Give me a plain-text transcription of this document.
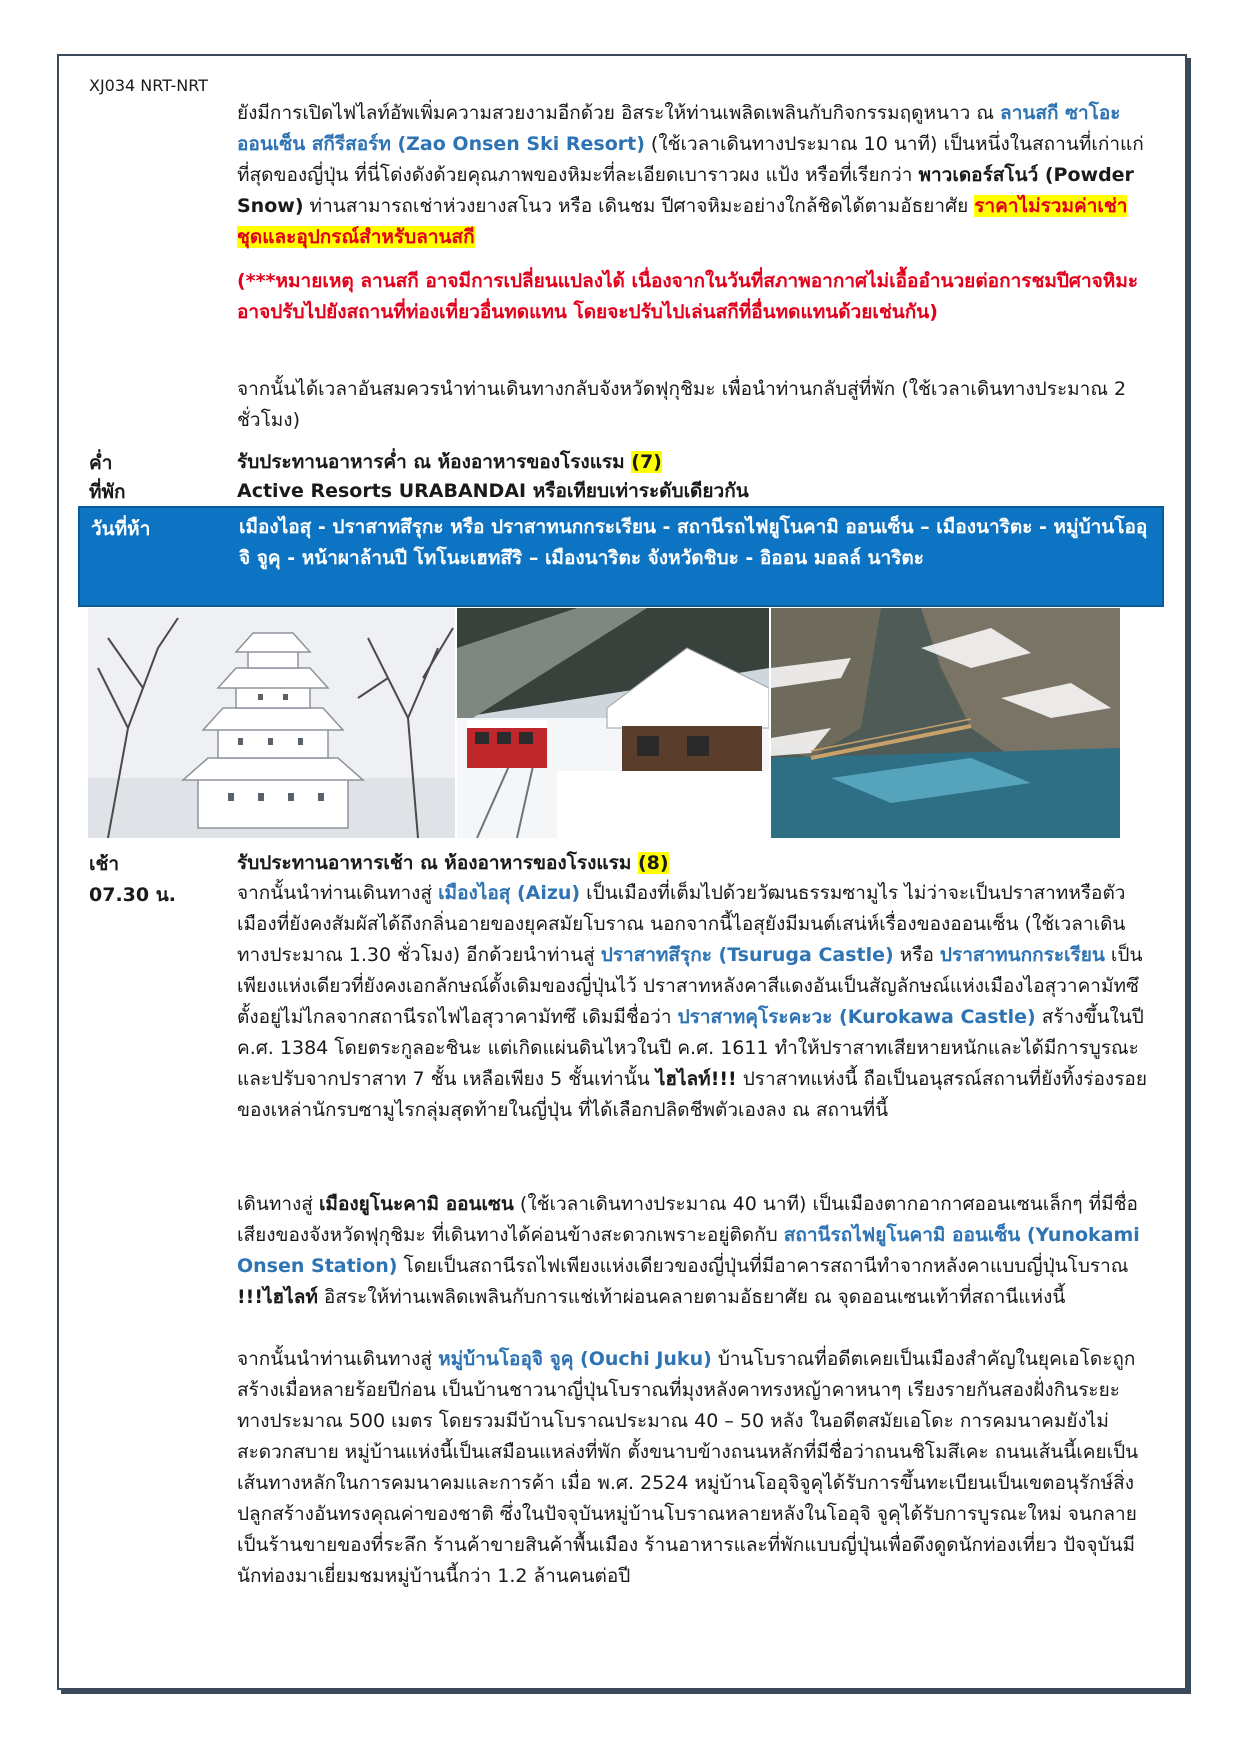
XJ034 NRT-NRT
ยังมีการเปิดไฟไลท์อัพเพิ่มความสวยงามอีกด้วย อิสระให้ท่านเพลิดเพลินกับกิจกรรมฤดูหนาว ณ ลานสกี ซาโอะ ออนเซ็น สกีรีสอร์ท (Zao Onsen Ski Resort) (ใช้เวลาเดินทางประมาณ 10 นาที) เป็นหนึ่งในสถานที่เก่าแก่ที่สุดของญี่ปุ่น ที่นี่โด่งดังด้วยคุณภาพของหิมะที่ละเอียดเบาราวผง แป้ง หรือที่เรียกว่า พาวเดอร์สโนว์ (Powder Snow) ท่านสามารถเช่าห่วงยางสโนว หรือ เดินชม ปีศาจหิมะอย่างใกล้ชิดได้ตามอัธยาศัย ราคาไม่รวมค่าเช่าชุดและอุปกรณ์สำหรับลานสกี
(***หมายเหตุ ลานสกี อาจมีการเปลี่ยนแปลงได้ เนื่องจากในวันที่สภาพอากาศไม่เอื้ออำนวยต่อการชมปีศาจหิมะ อาจปรับไปยังสถานที่ท่องเที่ยวอื่นทดแทน โดยจะปรับไปเล่นสกีที่อื่นทดแทนด้วยเช่นกัน)
จากนั้นได้เวลาอันสมควรนำท่านเดินทางกลับจังหวัดฟุกุชิมะ เพื่อนำท่านกลับสู่ที่พัก (ใช้เวลาเดินทางประมาณ 2 ชั่วโมง)
ค่ำ	รับประทานอาหารค่ำ ณ ห้องอาหารของโรงแรม (7)
ที่พัก	Active Resorts URABANDAI หรือเทียบเท่าระดับเดียวกัน
วันที่ห้า	เมืองไอสุ - ปราสาทสึรุกะ หรือ ปราสาทนกกระเรียน - สถานีรถไฟยูโนคามิ ออนเซ็น – เมืองนาริตะ - หมู่บ้านโออุจิ จูคุ - หน้าผาล้านปี โทโนะเฮทสึริ – เมืองนาริตะ จังหวัดชิบะ - อิออน มอลล์ นาริตะ
เช้า	รับประทานอาหารเช้า ณ ห้องอาหารของโรงแรม (8)
07.30 น.	จากนั้นนำท่านเดินทางสู่ เมืองไอสุ (Aizu) เป็นเมืองที่เต็มไปด้วยวัฒนธรรมซามูไร ไม่ว่าจะเป็นปราสาทหรือตัวเมืองที่ยังคงสัมผัสได้ถึงกลิ่นอายของยุคสมัยโบราณ นอกจากนี้ไอสุยังมีมนต์เสน่ห์เรื่องของออนเซ็น (ใช้เวลาเดินทางประมาณ 1.30 ชั่วโมง) อีกด้วยนำท่านสู่ ปราสาทสึรุกะ (Tsuruga Castle) หรือ ปราสาทนกกระเรียน เป็นเพียงแห่งเดียวที่ยังคงเอกลักษณ์ดั้งเดิมของญี่ปุ่นไว้ ปราสาทหลังคาสีแดงอันเป็นสัญลักษณ์แห่งเมืองไอสุวาคามัทซึ ตั้งอยู่ไม่ไกลจากสถานีรถไฟไอสุวาคามัทซึ เดิมมีชื่อว่า ปราสาทคุโระคะวะ (Kurokawa Castle) สร้างขึ้นในปี ค.ศ. 1384 โดยตระกูลอะชินะ แต่เกิดแผ่นดินไหวในปี ค.ศ. 1611 ทำให้ปราสาทเสียหายหนักและได้มีการบูรณะและปรับจากปราสาท 7 ชั้น เหลือเพียง 5 ชั้นเท่านั้น ไฮไลท์!!! ปราสาทแห่งนี้ ถือเป็นอนุสรณ์สถานที่ยังทิ้งร่องรอยของเหล่านักรบซามูไรกลุ่มสุดท้ายในญี่ปุ่น ที่ได้เลือกปลิดชีพตัวเองลง ณ สถานที่นี้
เดินทางสู่ เมืองยูโนะคามิ ออนเซน (ใช้เวลาเดินทางประมาณ 40 นาที) เป็นเมืองตากอากาศออนเซนเล็กๆ ที่มีชื่อเสียงของจังหวัดฟุกุชิมะ ที่เดินทางได้ค่อนข้างสะดวกเพราะอยู่ติดกับ สถานีรถไฟยูโนคามิ ออนเซ็น (Yunokami Onsen Station) โดยเป็นสถานีรถไฟเพียงแห่งเดียวของญี่ปุ่นที่มีอาคารสถานีทำจากหลังคาแบบญี่ปุ่นโบราณ !!!ไฮไลท์ อิสระให้ท่านเพลิดเพลินกับการแช่เท้าผ่อนคลายตามอัธยาศัย ณ จุดออนเซนเท้าที่สถานีแห่งนี้
จากนั้นนำท่านเดินทางสู่ หมู่บ้านโออุจิ จูคุ (Ouchi Juku) บ้านโบราณที่อดีตเคยเป็นเมืองสำคัญในยุคเอโดะถูกสร้างเมื่อหลายร้อยปีก่อน เป็นบ้านชาวนาญี่ปุ่นโบราณที่มุงหลังคาทรงหญ้าคาหนาๆ เรียงรายกันสองฝั่งกินระยะทางประมาณ 500 เมตร โดยรวมมีบ้านโบราณประมาณ 40 – 50 หลัง ในอดีตสมัยเอโดะ การคมนาคมยังไม่สะดวกสบาย หมู่บ้านแห่งนี้เป็นเสมือนแหล่งที่พัก ตั้งขนาบข้างถนนหลักที่มีชื่อว่าถนนชิโมสึเคะ ถนนเส้นนี้เคยเป็นเส้นทางหลักในการคมนาคมและการค้า เมื่อ พ.ศ. 2524 หมู่บ้านโออุจิจูคุได้รับการขึ้นทะเบียนเป็นเขตอนุรักษ์สิ่งปลูกสร้างอันทรงคุณค่าของชาติ ซึ่งในปัจจุบันหมู่บ้านโบราณหลายหลังในโออุจิ จูคุได้รับการบูรณะใหม่ จนกลายเป็นร้านขายของที่ระลึก ร้านค้าขายสินค้าพื้นเมือง ร้านอาหารและที่พักแบบญี่ปุ่นเพื่อดึงดูดนักท่องเที่ยว ปัจจุบันมีนักท่องมาเยี่ยมชมหมู่บ้านนี้กว่า 1.2 ล้านคนต่อปี
